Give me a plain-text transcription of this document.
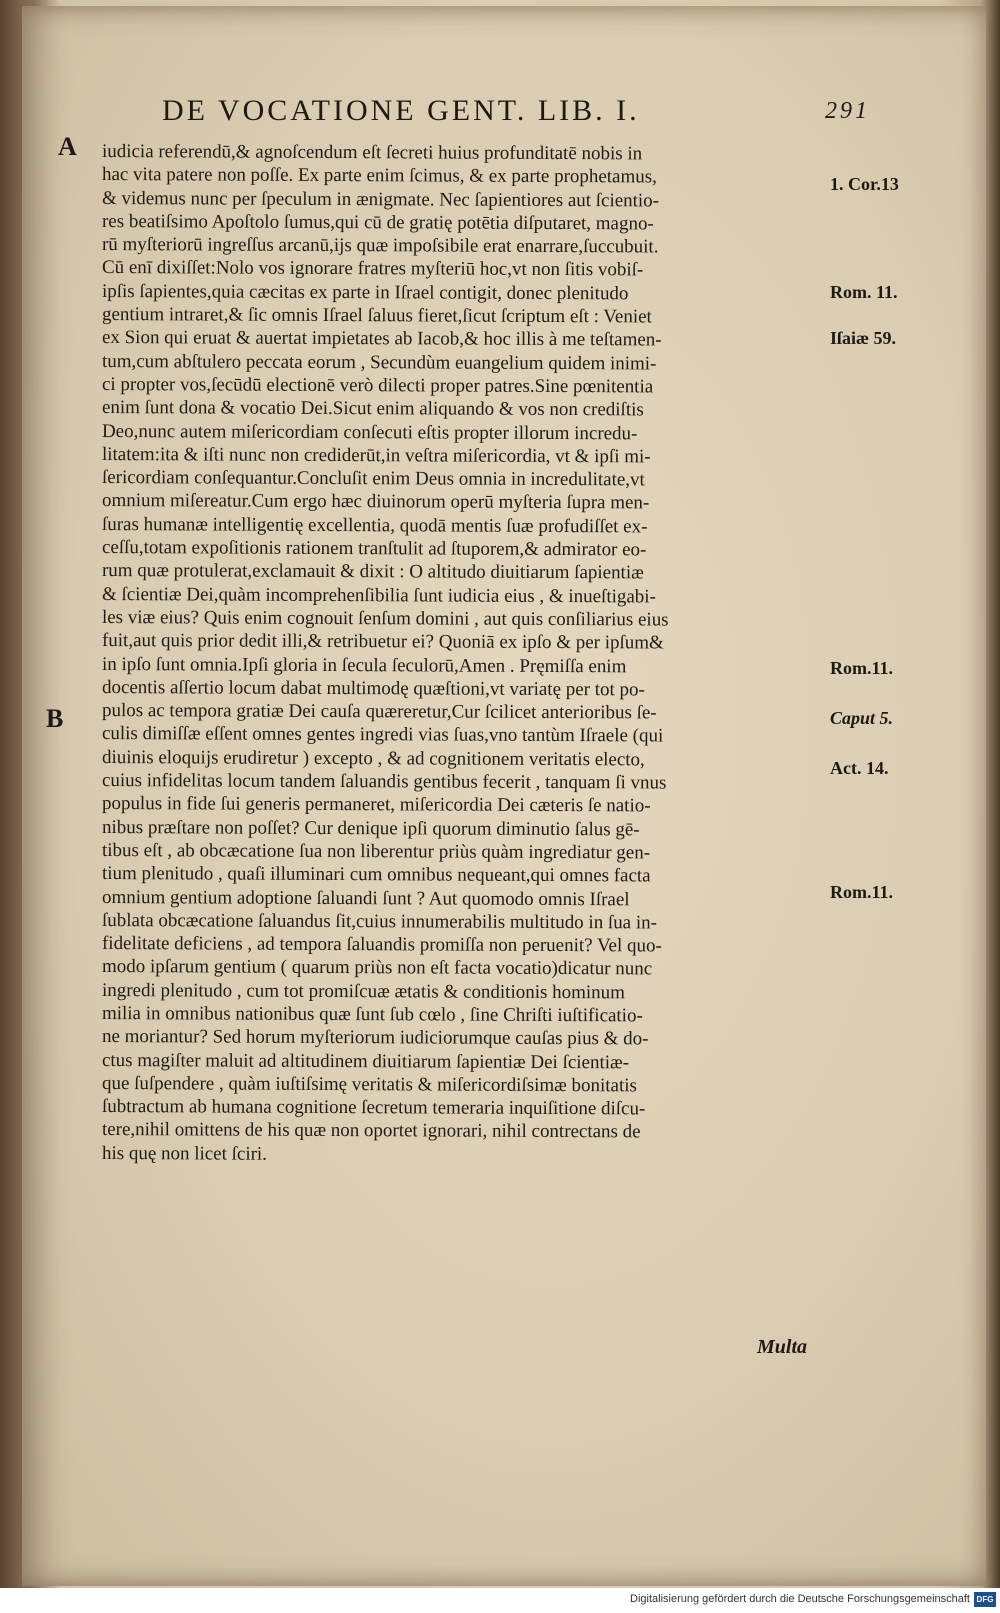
DE VOCATIONE GENT. LIB. I.	291
A
B
iudicia referendū,& agnoſcendum eſt ſecreti huius profunditatē nobis in
hac vita patere non poſſe. Ex parte enim ſcimus, & ex parte prophetamus,
& videmus nunc per ſpeculum in ænigmate. Nec ſapientiores aut ſcientio-
res beatiſsimo Apoſtolo ſumus,qui cū de gratię potētia diſputaret, magno-
rū myſteriorū ingreſſus arcanū,ijs quæ impoſsibile erat enarrare,ſuccubuit.
Cū enī dixiſſet:Nolo vos ignorare fratres myſteriū hoc,vt non ſitis vobiſ-
ipſis ſapientes,quia cæcitas ex parte in Iſrael contigit, donec plenitudo
gentium intraret,& ſic omnis Iſrael ſaluus fieret,ſicut ſcriptum eſt : Veniet
ex Sion qui eruat & auertat impietates ab Iacob,& hoc illis à me teſtamen-
tum,cum abſtulero peccata eorum , Secundùm euangelium quidem inimi-
ci propter vos,ſecūdū electionē verò dilecti proper patres.Sine pœnitentia
enim ſunt dona & vocatio Dei.Sicut enim aliquando & vos non crediſtis
Deo,nunc autem miſericordiam conſecuti eſtis propter illorum incredu-
litatem:ita & iſti nunc non crediderūt,in veſtra miſericordia, vt & ipſi mi-
ſericordiam conſequantur.Concluſit enim Deus omnia in incredulitate,vt
omnium miſereatur.Cum ergo hæc diuinorum operū myſteria ſupra men-
ſuras humanæ intelligentię excellentia, quodā mentis ſuæ profudiſſet ex-
ceſſu,totam expoſitionis rationem tranſtulit ad ſtuporem,& admirator eo-
rum quæ protulerat,exclamauit & dixit : O altitudo diuitiarum ſapientiæ
& ſcientiæ Dei,quàm incomprehenſibilia ſunt iudicia eius , & inueſtigabi-
les viæ eius? Quis enim cognouit ſenſum domini , aut quis conſiliarius eius
fuit,aut quis prior dedit illi,& retribuetur ei? Quoniā ex ipſo & per ipſum&
in ipſo ſunt omnia.Ipſi gloria in ſecula ſeculorū,Amen . Pręmiſſa enim
docentis aſſertio locum dabat multimodę quæſtioni,vt variatę per tot po-
pulos ac tempora gratiæ Dei cauſa quæreretur,Cur ſcilicet anterioribus ſe-
culis dimiſſæ eſſent omnes gentes ingredi vias ſuas,vno tantùm Iſraele (qui
diuinis eloquijs erudiretur ) excepto , & ad cognitionem veritatis electo,
cuius infidelitas locum tandem ſaluandis gentibus fecerit , tanquam ſi vnus
populus in fide ſui generis permaneret, miſericordia Dei cæteris ſe natio-
nibus præſtare non poſſet? Cur denique ipſi quorum diminutio ſalus gē-
tibus eſt , ab obcæcatione ſua non liberentur priùs quàm ingrediatur gen-
tium plenitudo , quaſi illuminari cum omnibus nequeant,qui omnes facta
omnium gentium adoptione ſaluandi ſunt ? Aut quomodo omnis Iſrael
ſublata obcæcatione ſaluandus ſit,cuius innumerabilis multitudo in ſua in-
fidelitate deficiens , ad tempora ſaluandis promiſſa non peruenit? Vel quo-
modo ipſarum gentium ( quarum priùs non eſt facta vocatio)dicatur nunc
ingredi plenitudo , cum tot promiſcuæ ætatis & conditionis hominum
milia in omnibus nationibus quæ ſunt ſub cœlo , ſine Chriſti iuſtificatio-
ne moriantur? Sed horum myſteriorum iudiciorumque cauſas pius & do-
ctus magiſter maluit ad altitudinem diuitiarum ſapientiæ Dei ſcientiæ-
que ſuſpendere , quàm iuſtiſsimę veritatis & miſericordiſsimæ bonitatis
ſubtractum ab humana cognitione ſecretum temeraria inquiſitione diſcu-
tere,nihil omittens de his quæ non oportet ignorari, nihil contrectans de
his quę non licet ſciri.
1. Cor.13
Rom. 11.
Iſaiæ 59.
Rom.11.
Caput 5.
Act. 14.
Rom.11.
Multa
Digitalisierung gefördert durch die Deutsche Forschungsgemeinschaft DFG
